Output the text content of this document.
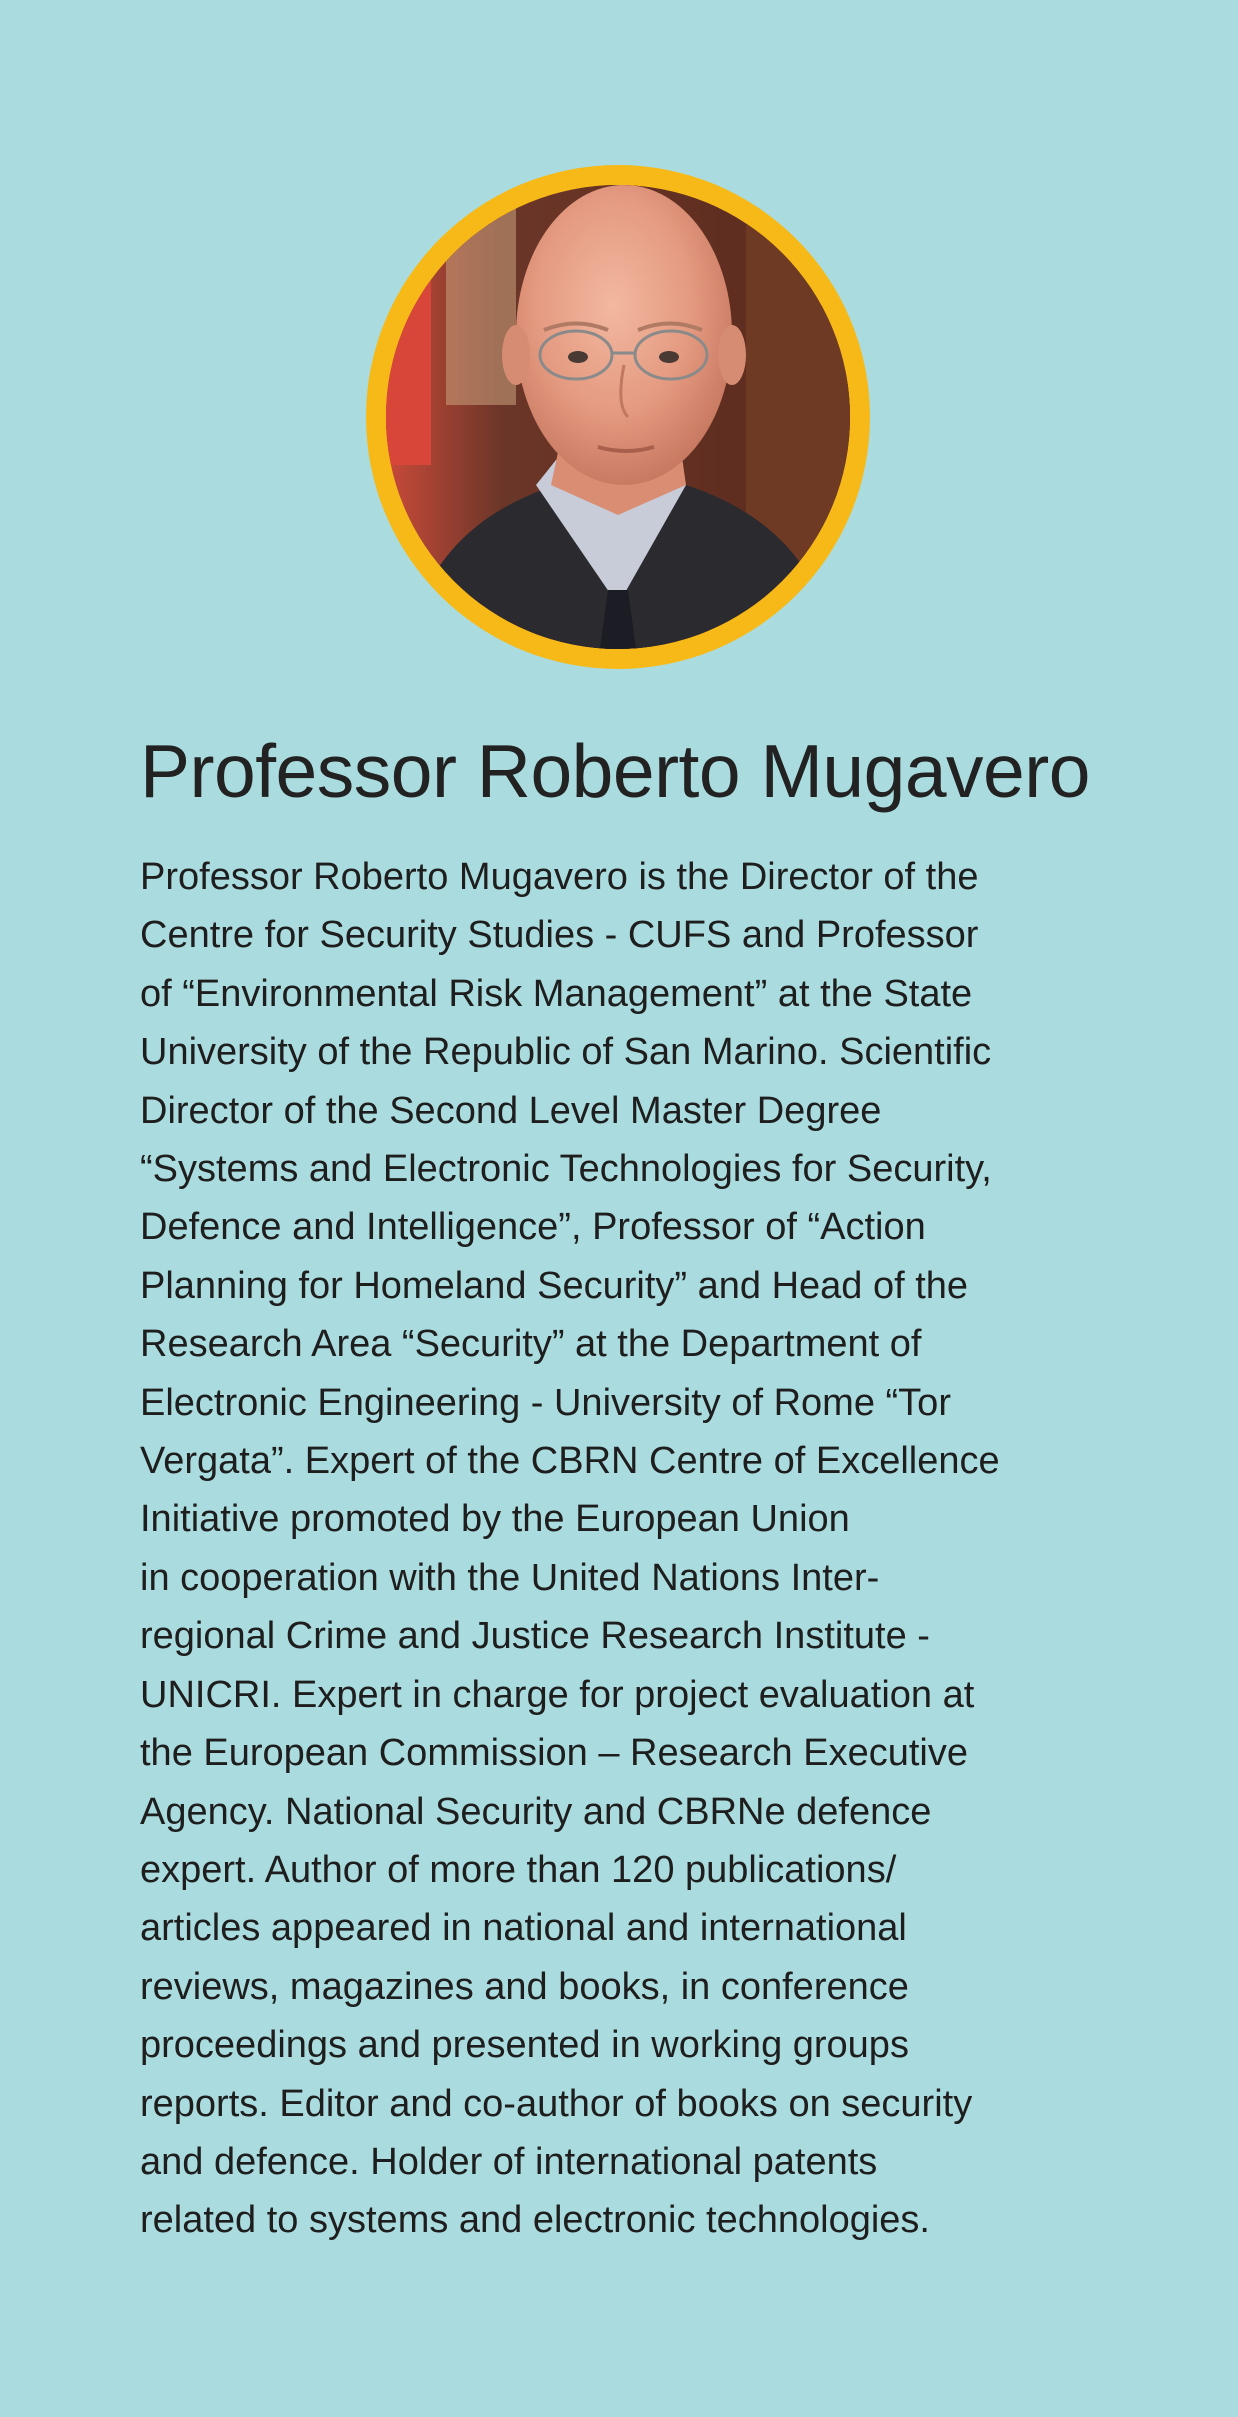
Professor Roberto Mugavero
Professor Roberto Mugavero is the Director of the
Centre for Security Studies - CUFS and Professor
of “Environmental Risk Management” at the State
University of the Republic of San Marino. Scientific
Director of the Second Level Master Degree
“Systems and Electronic Technologies for Security,
Defence and Intelligence”, Professor of “Action
Planning for Homeland Security” and Head of the
Research Area “Security” at the Department of
Electronic Engineering - University of Rome “Tor
Vergata”. Expert of the CBRN Centre of Excellence
Initiative promoted by the European Union
in cooperation with the United Nations Inter-
regional Crime and Justice Research Institute -
UNICRI. Expert in charge for project evaluation at
the European Commission – Research Executive
Agency. National Security and CBRNe defence
expert. Author of more than 120 publications/
articles appeared in national and international
reviews, magazines and books, in conference
proceedings and presented in working groups
reports. Editor and co-author of books on security
and defence. Holder of international patents
related to systems and electronic technologies.
